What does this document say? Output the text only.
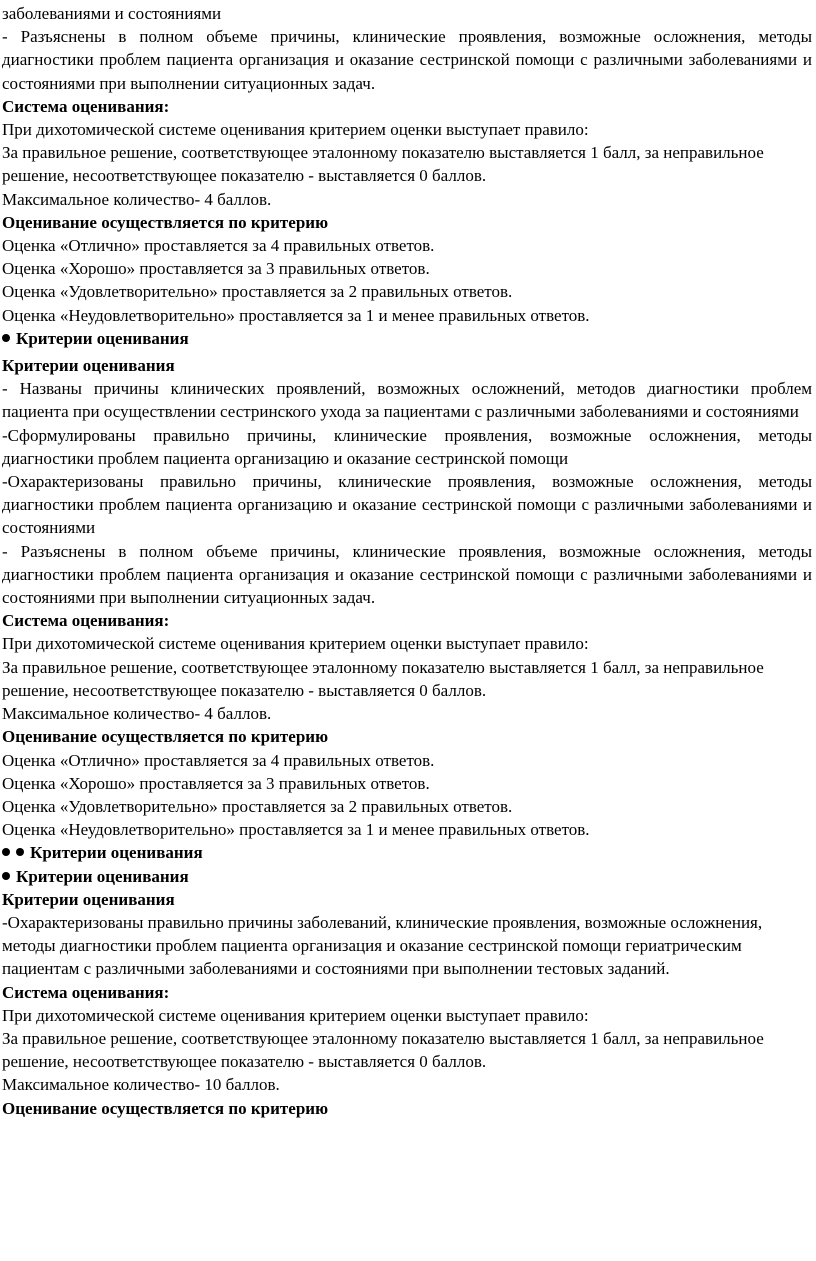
заболеваниями и состояниями

- Разъяснены в полном объеме причины, клинические проявления, возможные осложнения, методы диагностики проблем пациента организация и оказание сестринской помощи с различными заболеваниями и состояниями при выполнении ситуационных задач.

Система оценивания:

При дихотомической системе оценивания критерием оценки выступает правило:

За правильное решение, соответствующее эталонному показателю выставляется 1 балл, за неправильное решение, несоответствующее показателю - выставляется 0 баллов.

Максимальное количество- 4 баллов.

Оценивание осуществляется по критерию

Оценка «Отлично» проставляется за 4 правильных ответов.

Оценка «Хорошо» проставляется за 3 правильных ответов.

Оценка «Удовлетворительно» проставляется за 2 правильных ответов.

Оценка «Неудовлетворительно» проставляется за 1 и менее правильных ответов.

Критерии оценивания

Критерии оценивания

- Названы причины клинических проявлений, возможных осложнений, методов диагностики проблем пациента при осуществлении сестринского ухода за пациентами с различными заболеваниями и состояниями

-Сформулированы правильно причины, клинические проявления, возможные осложнения, методы диагностики проблем пациента организацию и оказание сестринской помощи

-Охарактеризованы правильно причины, клинические проявления, возможные осложнения, методы диагностики проблем пациента организацию и оказание сестринской помощи с различными заболеваниями и состояниями

- Разъяснены в полном объеме причины, клинические проявления, возможные осложнения, методы диагностики проблем пациента организация и оказание сестринской помощи с различными заболеваниями и состояниями при выполнении ситуационных задач.

Система оценивания:

При дихотомической системе оценивания критерием оценки выступает правило:

За правильное решение, соответствующее эталонному показателю выставляется 1 балл, за неправильное решение, несоответствующее показателю - выставляется 0 баллов.

Максимальное количество- 4 баллов.

Оценивание осуществляется по критерию

Оценка «Отлично» проставляется за 4 правильных ответов.

Оценка «Хорошо» проставляется за 3 правильных ответов.

Оценка «Удовлетворительно» проставляется за 2 правильных ответов.

Оценка «Неудовлетворительно» проставляется за 1 и менее правильных ответов.

Критерии оценивания

Критерии оценивания

Критерии оценивания

-Охарактеризованы правильно причины заболеваний, клинические проявления, возможные осложнения, методы диагностики проблем пациента организация и оказание сестринской помощи гериатрическим пациентам с различными заболеваниями и состояниями при выполнении тестовых заданий.

Система оценивания:

При дихотомической системе оценивания критерием оценки выступает правило:

За правильное решение, соответствующее эталонному показателю выставляется 1 балл, за неправильное решение, несоответствующее показателю - выставляется 0 баллов.

Максимальное количество- 10 баллов.

Оценивание осуществляется по критерию
